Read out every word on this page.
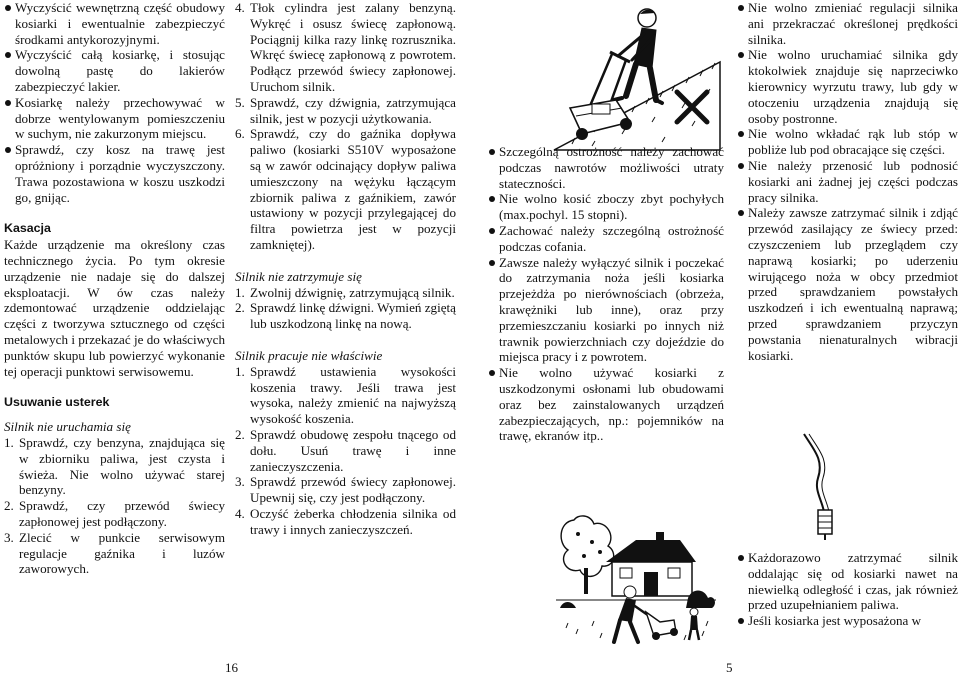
Wyczyścić wewnętrzną część obudowy kosiarki i ewentualnie zabezpieczyć środkami antykorozyjnymi.

Wyczyścić całą kosiarkę, i stosując dowolną pastę do lakierów zabezpieczyć lakier.

Kosiarkę należy przechowywać w dobrze wentylowanym pomieszczeniu w suchym, nie zakurzonym miejscu.

Sprawdź, czy kosz na trawę jest opróżniony i porządnie wyczyszczony. Trawa pozostawiona w koszu uszkodzi go, gnijąc.

Kasacja

Każde urządzenie ma określony czas technicznego życia. Po tym okresie urządzenie nie nadaje się do dalszej eksploatacji. W ów czas należy zdemontować urządzenie oddzielając części z tworzywa sztucznego od części metalowych i przekazać je do właściwych punktów skupu lub powierzyć wykonanie tej operacji punktowi serwisowemu.

Usuwanie usterek

Silnik nie uruchamia się

1. Sprawdź, czy benzyna, znajdująca się w zbiorniku paliwa, jest czysta i świeża. Nie wolno używać starej benzyny.
2. Sprawdź, czy przewód świecy zapłonowej jest podłączony.
3. Zlecić w punkcie serwisowym regulacje gaźnika i luzów zaworowych.
4. Tłok cylindra jest zalany benzyną. Wykręć i osusz świecę zapłonową. Pociągnij kilka razy linkę rozrusznika. Wkręć świecę zapłonową z powrotem. Podłącz przewód świecy zapłonowej. Uruchom silnik.
5. Sprawdź, czy dźwignia, zatrzymująca silnik, jest w pozycji użytkowania.
6. Sprawdź, czy do gaźnika dopływa paliwo (kosiarki S510V wyposażone są w zawór odcinający dopływ paliwa umieszczony na wężyku łączącym zbiornik paliwa z gaźnikiem, zawór ustawiony w pozycji przylegającej do filtra powietrza jest w pozycji zamkniętej).

Silnik nie zatrzymuje się

1. Zwolnij dźwignię, zatrzymującą silnik.
2. Sprawdź linkę dźwigni. Wymień zgiętą lub uszkodzoną linkę na nową.

Silnik pracuje nie właściwie

1. Sprawdź ustawienia wysokości koszenia trawy. Jeśli trawa jest wysoka, należy zmienić na najwyższą wysokość koszenia.
2. Sprawdź obudowę zespołu tnącego od dołu. Usuń trawę i inne zanieczyszczenia.
3. Sprawdź przewód świecy zapłonowej. Upewnij się, czy jest podłączony.
4. Oczyść żeberka chłodzenia silnika od trawy i innych zanieczyszczeń.

Szczególną ostrożność należy zachować podczas nawrotów możliwości utraty stateczności.

Nie wolno kosić zboczy zbyt pochyłych (max.pochyl. 15 stopni).

Zachować należy szczególną ostrożność podczas cofania.

Zawsze należy wyłączyć silnik i poczekać do zatrzymania noża jeśli kosiarka przejeżdża po nierównościach (obrzeża, krawężniki lub inne), oraz przy przemieszczaniu kosiarki po innych niż trawnik powierzchniach czy dojeździe do miejsca pracy i z powrotem.

Nie wolno używać kosiarki z uszkodzonymi osłonami lub obudowami oraz bez zainstalowanych urządzeń zabezpieczających, np.: pojemników na trawę, ekranów itp..

Nie wolno zmieniać regulacji silnika ani przekraczać określonej prędkości silnika.

Nie wolno uruchamiać silnika gdy ktokolwiek znajduje się naprzeciwko kierownicy wyrzutu trawy, lub gdy w otoczeniu urządzenia znajdują się osoby postronne.

Nie wolno wkładać rąk lub stóp w pobliże lub pod obracające się części.

Nie należy przenosić lub podnosić kosiarki ani żadnej jej części podczas pracy silnika.

Należy zawsze zatrzymać silnik i zdjąć przewód zasilający ze świecy przed: czyszczeniem lub przeglądem czy naprawą kosiarki; po uderzeniu wirującego noża w obcy przedmiot przed sprawdzaniem powstałych uszkodzeń i ich ewentualną naprawą; przed sprawdzaniem przyczyn powstania nienaturalnych wibracji kosiarki.

Każdorazowo zatrzymać silnik oddalając się od kosiarki nawet na niewielką odległość i czas, jak również przed uzupełnianiem paliwa.

Jeśli kosiarka jest wyposażona w

16	5
